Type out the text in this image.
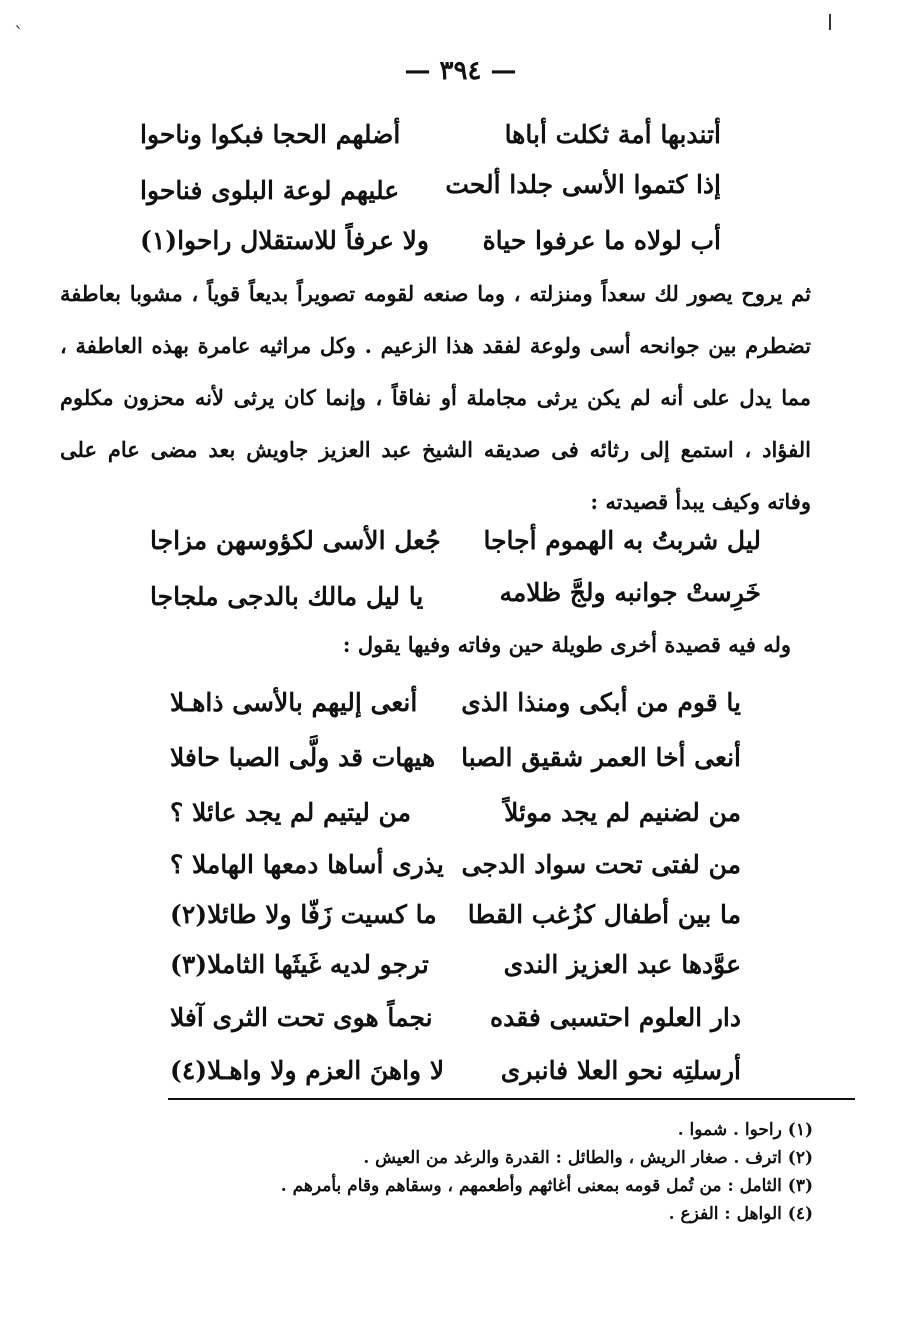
ˋ
— ٣٩٤ —
أتندبها أمة ثكلت أباها
أضلهم الحجا فبكوا وناحوا
إذا كتموا الأسى جلدا ألحت
عليهم لوعة البلوى فناحوا
أب لولاه ما عرفوا حياة
ولا عرفاً للاستقلال راحوا(١)

ثم يروح يصور لك سعداً ومنزلته ، وما صنعه لقومه تصويراً بديعاً قوياً ، مشوبا بعاطفة تضطرم بين جوانحه أسى ولوعة لفقد هذا الزعيم . وكل مراثيه عامرة بهذه العاطفة ، مما يدل على أنه لم يكن يرثى مجاملة أو نفاقاً ، وإنما كان يرثى لأنه محزون مكلوم الفؤاد ، استمع إلى رثائه فى صديقه الشيخ عبد العزيز جاويش بعد مضى عام على وفاته وكيف يبدأ قصيدته :

ليل شربتُ به الهموم أجاجا
جُعل الأسى لكؤوسهن مزاجا
خَرِستْ جوانبه ولجَّ ظلامه
يا ليل مالك بالدجى ملجاجا
وله فيه قصيدة أخرى طويلة حين وفاته وفيها يقول :
يا قوم من أبكى ومنذا الذى
أنعى إليهم بالأسى ذاهـلا
أنعى أخا العمر شقيق الصبا
هيهات قد ولَّى الصبا حافلا
من لضنيم لم يجد موئلاً
من ليتيم لم يجد عائلا ؟
من لفتى تحت سواد الدجى
يذرى أساها دمعها الهاملا ؟
ما بين أطفال كزُغب القطا
ما كسيت زَفّا ولا طائلا(٢)
عوَّدها عبد العزيز الندى
ترجو لديه غَيثَها الثاملا(٣)
دار العلوم احتسبى فقده
نجماً هوى تحت الثرى آفلا
أرسلتِه نحو العلا فانبرى
لا واهنَ العزم ولا واهـلا(٤)
(١) راحوا . شموا .
(٢) اترف . صغار الريش ، والطائل : القدرة والرغد من العيش .
(٣) الثامل : من تُمل قومه بمعنى أغاثهم وأطعمهم ، وسقاهم وقام بأمرهم .
(٤) الواهل : الفزع .
